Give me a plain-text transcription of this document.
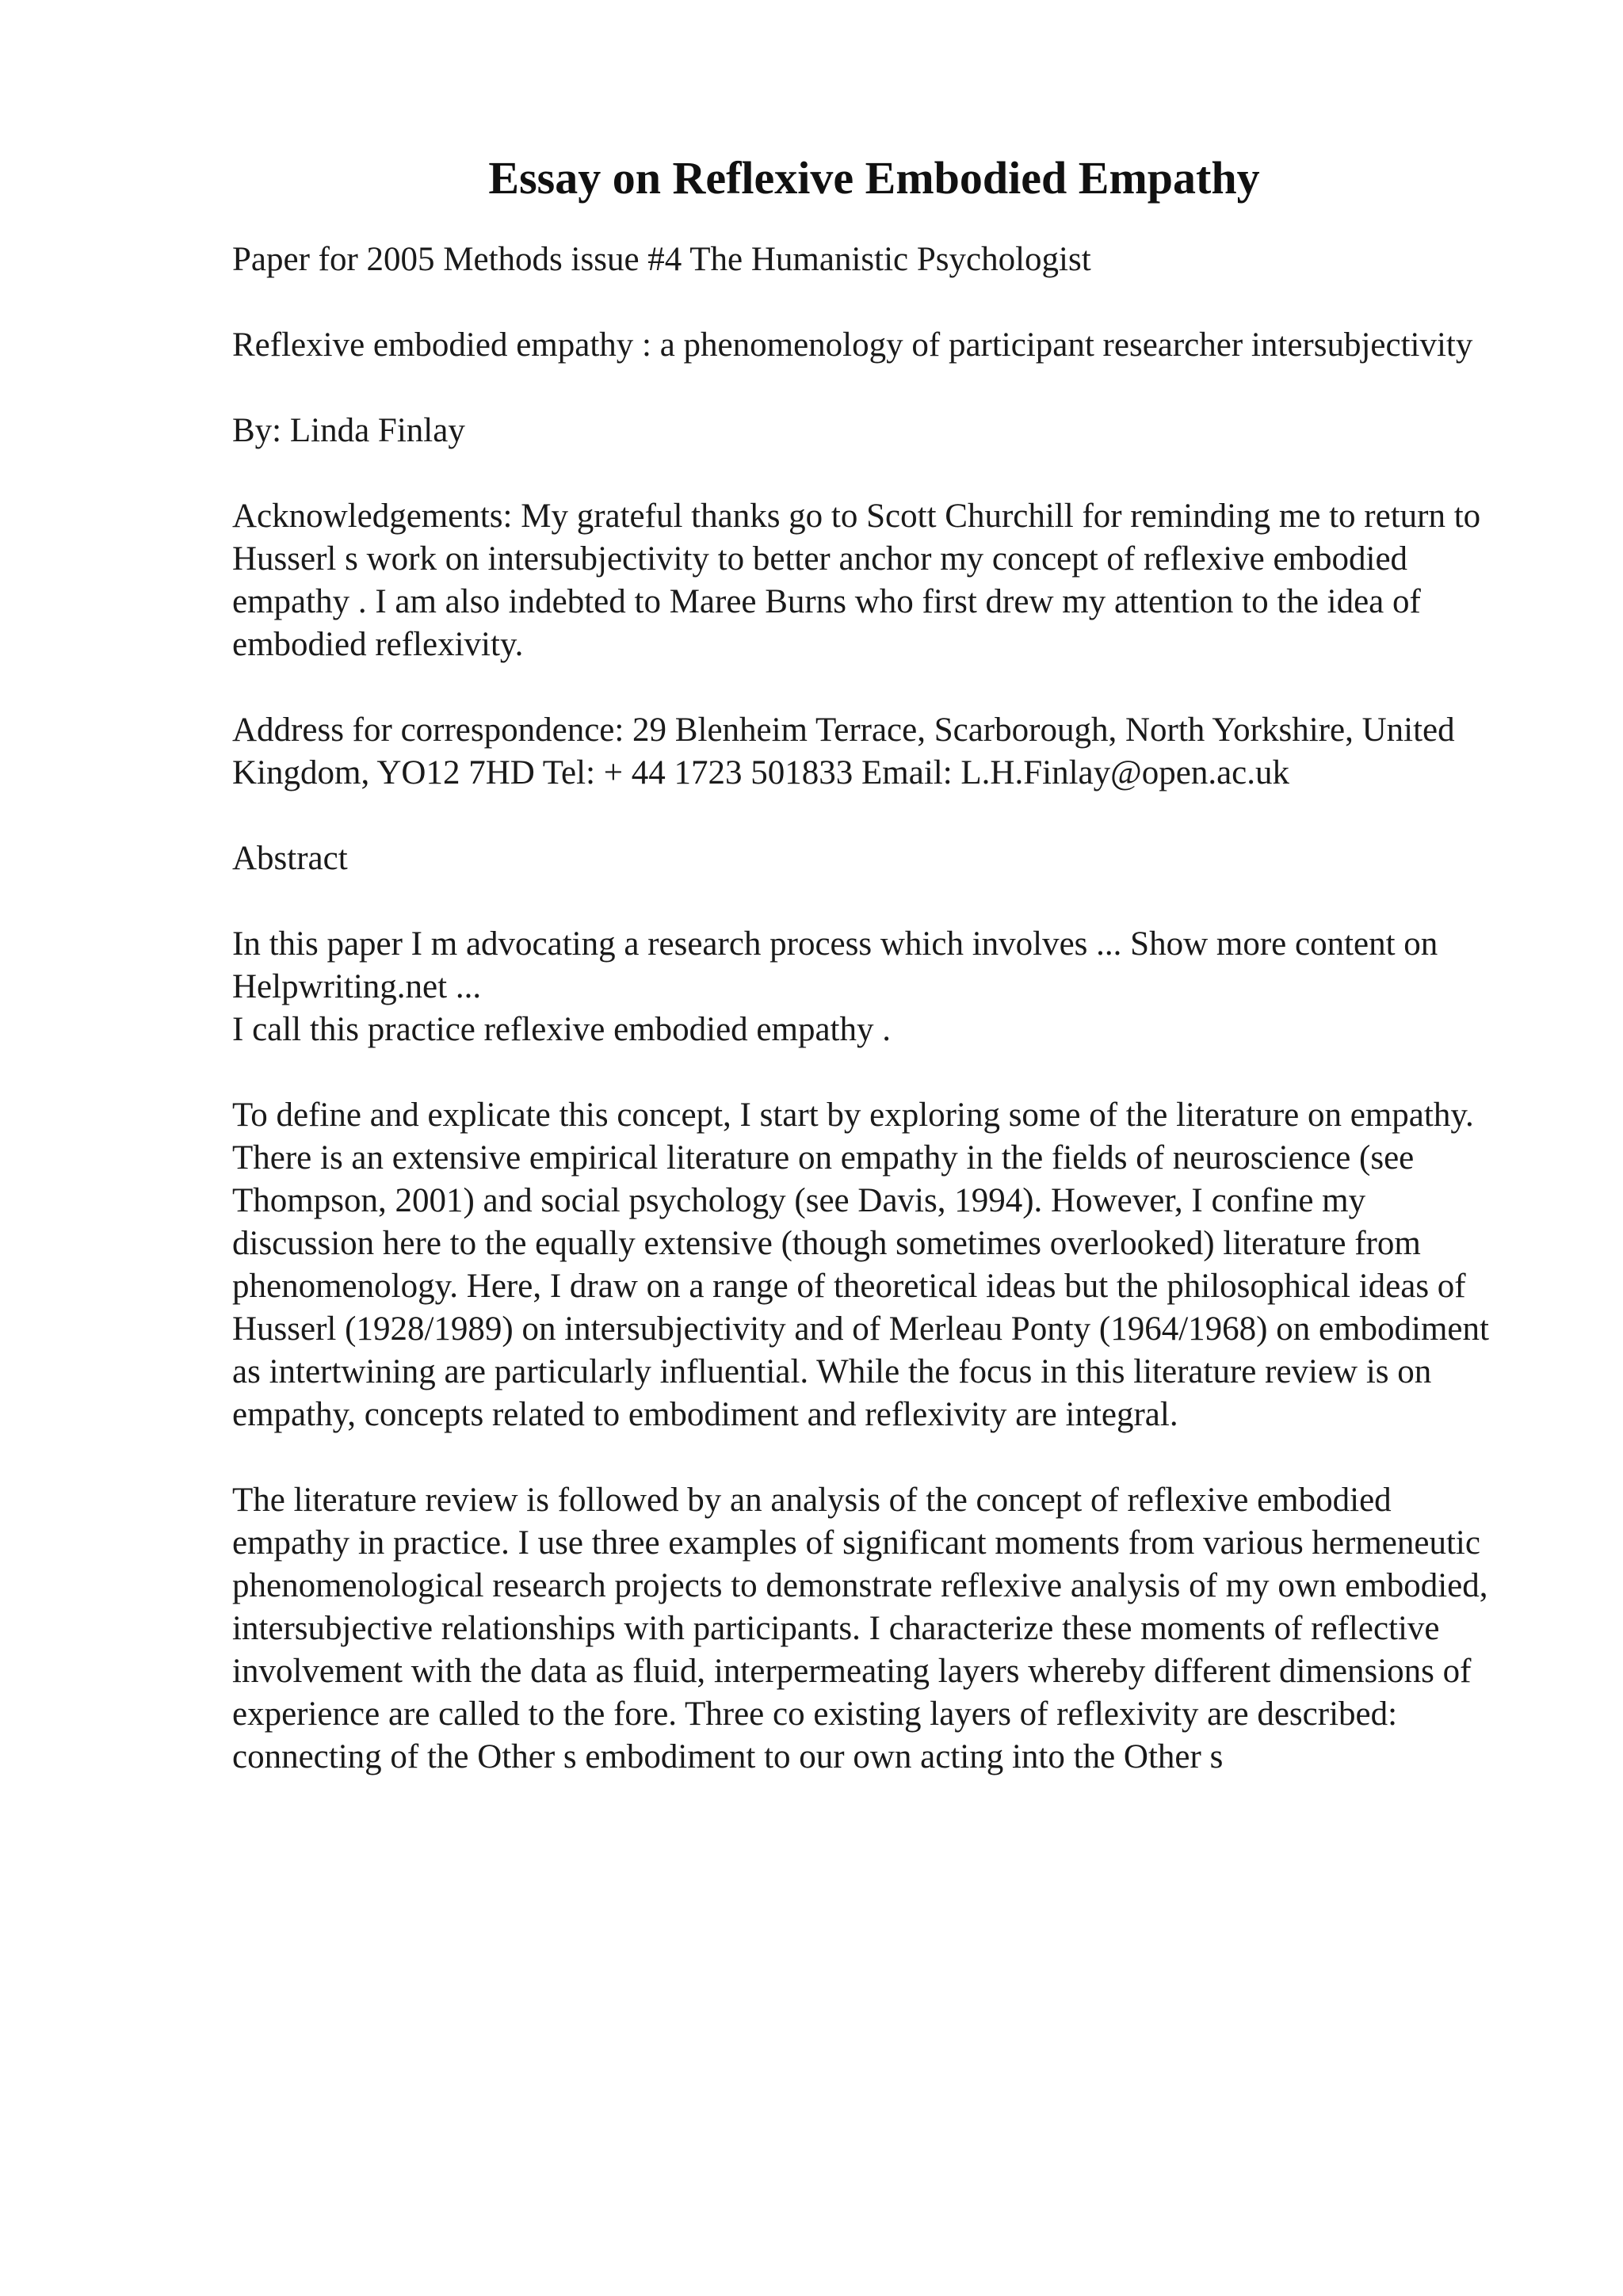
Essay on Reflexive Embodied Empathy

Paper for 2005 Methods issue #4 The Humanistic Psychologist

Reflexive embodied empathy : a phenomenology of participant researcher intersubjectivity

By: Linda Finlay

Acknowledgements: My grateful thanks go to Scott Churchill for reminding me to return to Husserl s work on intersubjectivity to better anchor my concept of reflexive embodied empathy . I am also indebted to Maree Burns who first drew my attention to the idea of embodied reflexivity.

Address for correspondence: 29 Blenheim Terrace, Scarborough, North Yorkshire, United Kingdom, YO12 7HD Tel: + 44 1723 501833 Email: L.H.Finlay@open.ac.uk

Abstract

In this paper I m advocating a research process which involves ... Show more content on Helpwriting.net ...

I call this practice reflexive embodied empathy .

To define and explicate this concept, I start by exploring some of the literature on empathy. There is an extensive empirical literature on empathy in the fields of neuroscience (see Thompson, 2001) and social psychology (see Davis, 1994). However, I confine my discussion here to the equally extensive (though sometimes overlooked) literature from phenomenology. Here, I draw on a range of theoretical ideas but the philosophical ideas of Husserl (1928/1989) on intersubjectivity and of Merleau Ponty (1964/1968) on embodiment as intertwining are particularly influential. While the focus in this literature review is on empathy, concepts related to embodiment and reflexivity are integral.

The literature review is followed by an analysis of the concept of reflexive embodied empathy in practice. I use three examples of significant moments from various hermeneutic phenomenological research projects to demonstrate reflexive analysis of my own embodied, intersubjective relationships with participants. I characterize these moments of reflective involvement with the data as fluid, interpermeating layers whereby different dimensions of experience are called to the fore. Three co existing layers of reflexivity are described: connecting of the Other s embodiment to our own acting into the Other s
